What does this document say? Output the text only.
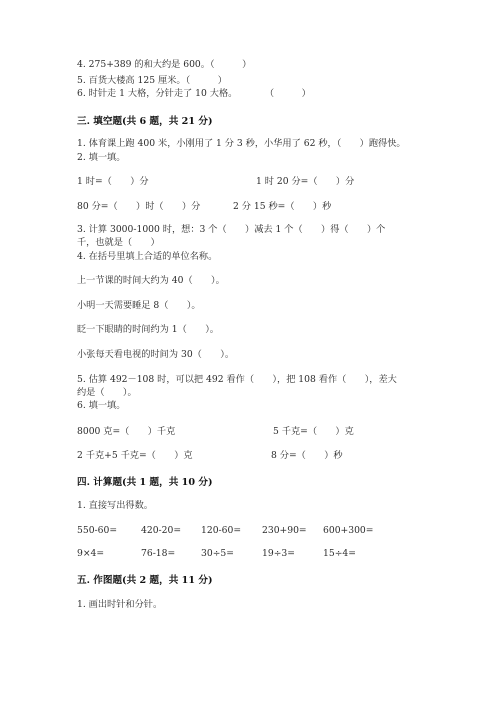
4. 275+389 的和大约是 600。（　　　）
5. 百货大楼高 125 厘米。（　　　）
6. 时针走 1 大格，分针走了 10 大格。　　　　（　　　）
三. 填空题(共 6 题，共 21 分)
1. 体育课上跑 400 米，小刚用了 1 分 3 秒，小华用了 62 秒，（　　）跑得快。
2. 填一填。
1 时=（　　）分	1 时 20 分=（　　）分
80 分=（　　）时（　　）分	2 分 15 秒=（　　）秒
3. 计算 3000-1000 时，想：3 个（　　）减去 1 个（　　）得（　　）个
千，也就是（　　）
4. 在括号里填上合适的单位名称。
上一节课的时间大约为 40（　　）。
小明一天需要睡足 8（　　）。
眨一下眼睛的时间约为 1（　　）。
小张每天看电视的时间为 30（　　）。
5. 估算 492－108 时，可以把 492 看作（　　），把 108 看作（　　），差大
约是（　　）。
6. 填一填。
8000 克=（　　）千克	5 千克=（　　）克
2 千克+5 千克=（　　）克	8 分=（　　）秒
四. 计算题(共 1 题，共 10 分)
1. 直接写出得数。
550-60=	420-20= 120-60= 230+90= 600+300=
9×4=	76-18=	30÷5=	19÷3=	15÷4=
五. 作图题(共 2 题，共 11 分)
1. 画出时针和分针。
